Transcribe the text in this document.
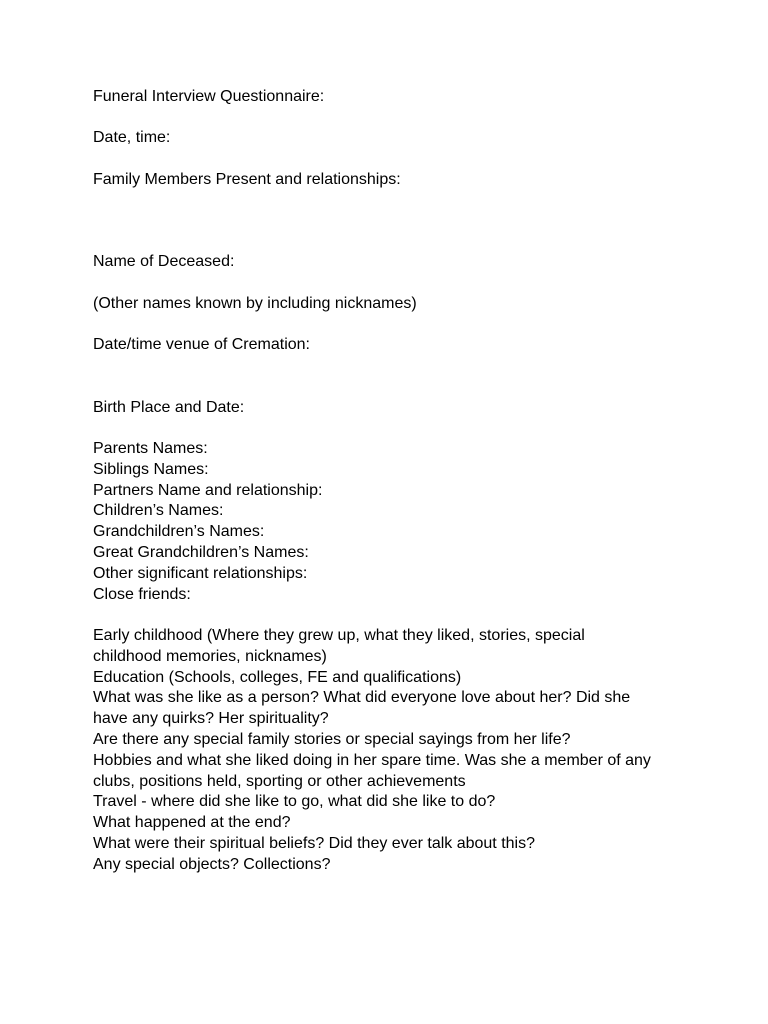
Funeral Interview Questionnaire:

Date, time:

Family Members Present and relationships:

Name of Deceased:

(Other names known by including nicknames)

Date/time venue of Cremation:

Birth Place and Date:

Parents Names:

Siblings Names:

Partners Name and relationship:

Children’s Names:

Grandchildren’s Names:

Great Grandchildren’s Names:

Other significant relationships:

Close friends:

Early childhood (Where they grew up, what they liked, stories, special

childhood memories, nicknames)

Education (Schools, colleges, FE and qualifications)

What was she like as a person? What did everyone love about her? Did she

have any quirks? Her spirituality?

Are there any special family stories or special sayings from her life?

Hobbies and what she liked doing in her spare time. Was she a member of any

clubs, positions held, sporting or other achievements

Travel - where did she like to go, what did she like to do?

What happened at the end?

What were their spiritual beliefs? Did they ever talk about this?

Any special objects? Collections?
